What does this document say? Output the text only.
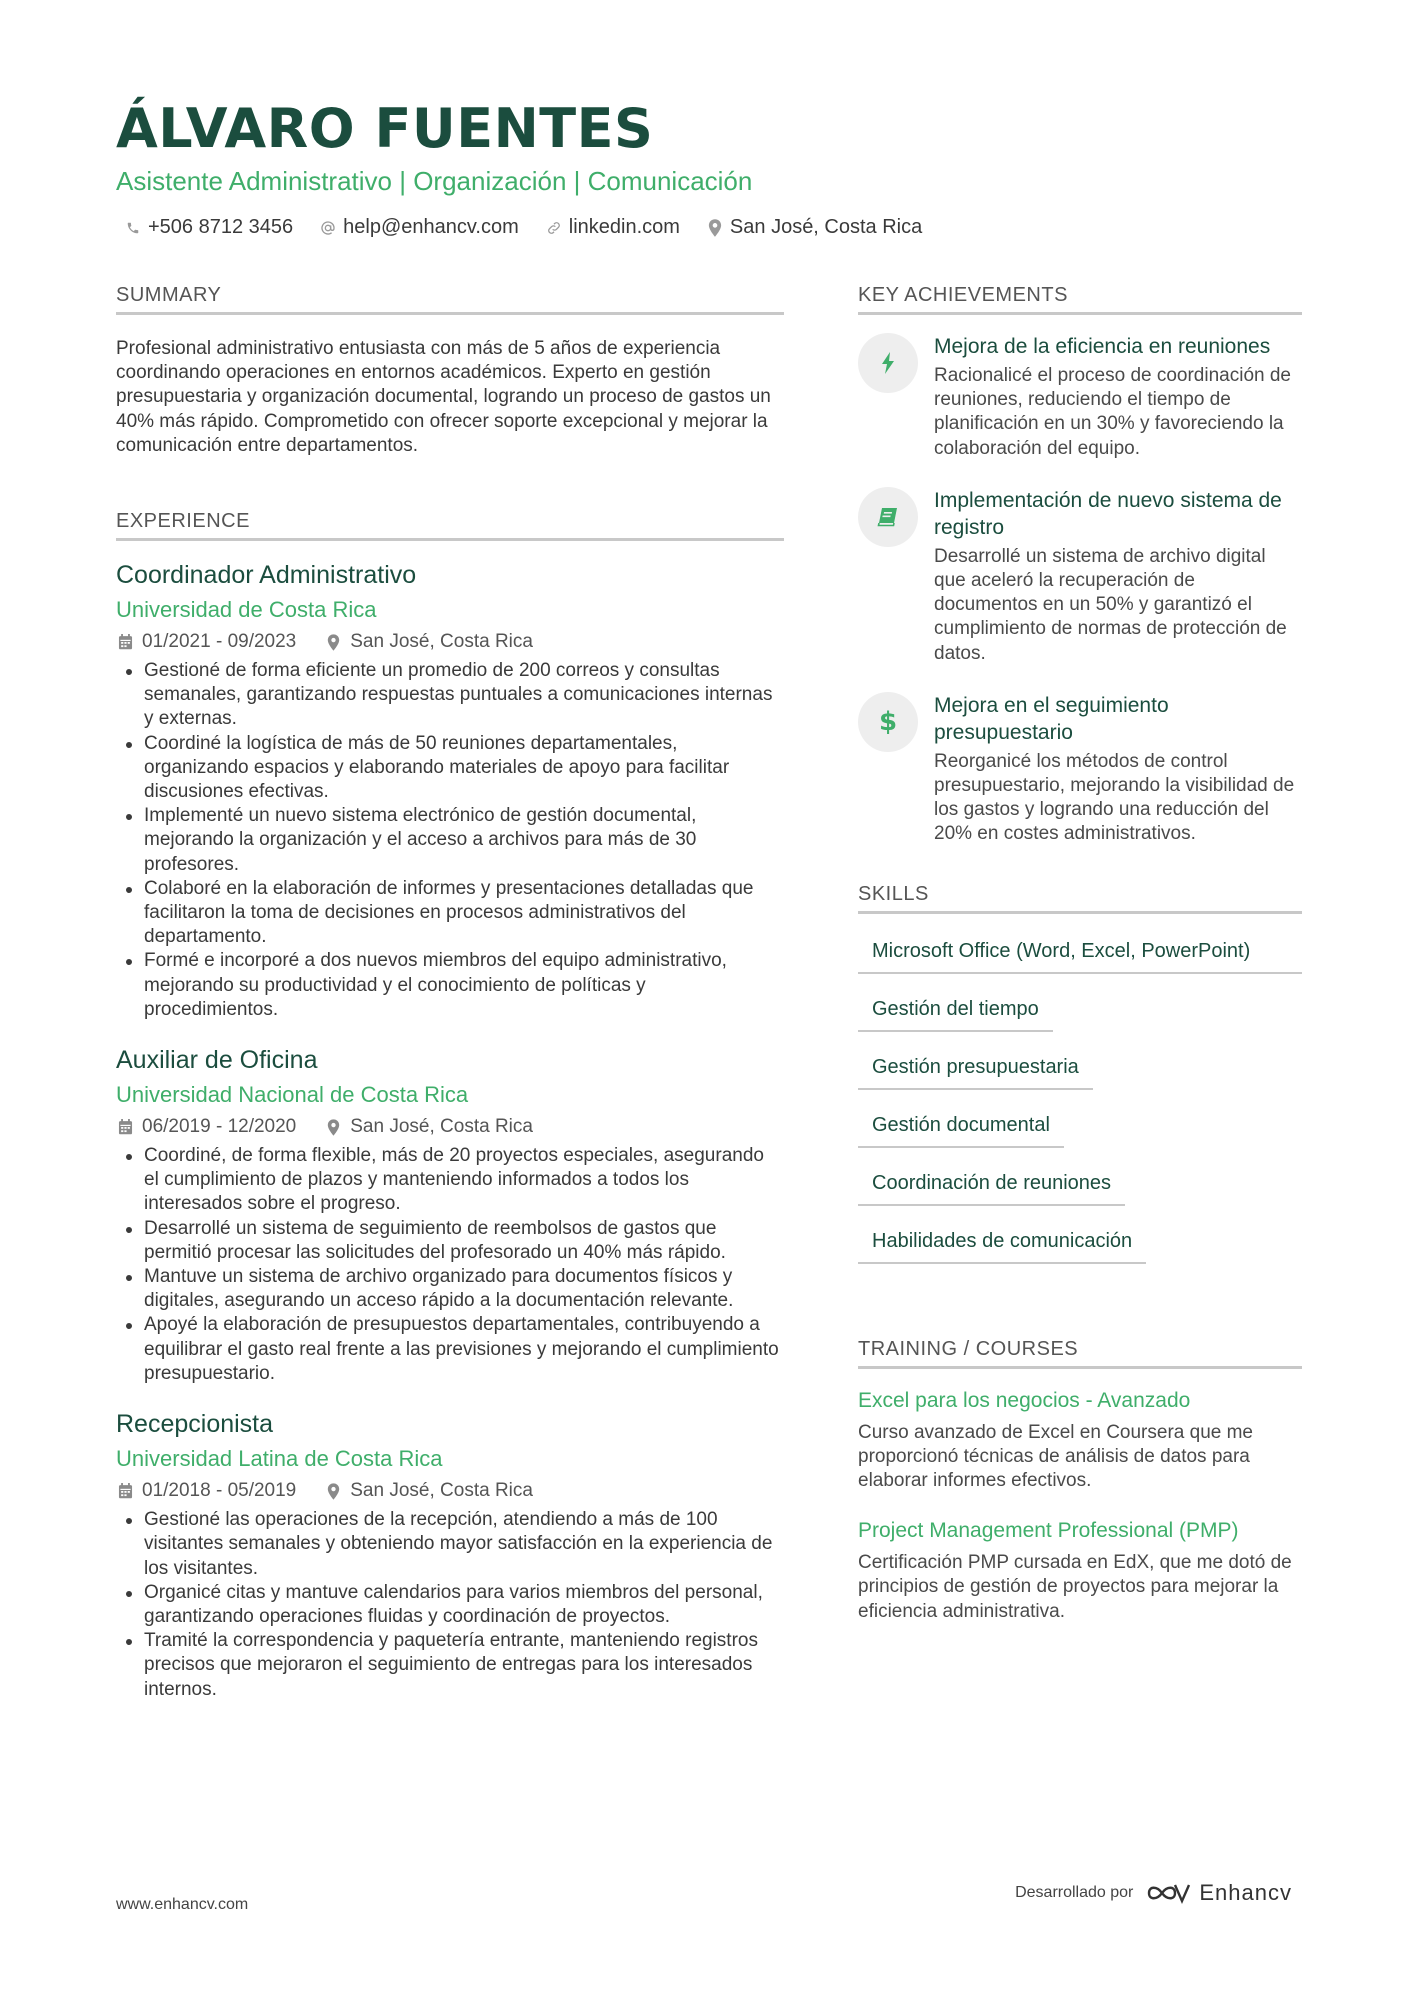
ÁLVARO FUENTES
Asistente Administrativo | Organización | Comunicación
+506 8712 3456	help@enhancv.com	linkedin.com	San José, Costa Rica
SUMMARY

Profesional administrativo entusiasta con más de 5 años de experiencia coordinando operaciones en entornos académicos. Experto en gestión presupuestaria y organización documental, logrando un proceso de gastos un 40% más rápido. Comprometido con ofrecer soporte excepcional y mejorar la comunicación entre departamentos.

EXPERIENCE
Coordinador Administrativo
Universidad de Costa Rica
01/2021 - 09/2023	San José, Costa Rica
Gestioné de forma eficiente un promedio de 200 correos y consultas semanales, garantizando respuestas puntuales a comunicaciones internas y externas.
Coordiné la logística de más de 50 reuniones departamentales, organizando espacios y elaborando materiales de apoyo para facilitar discusiones efectivas.
Implementé un nuevo sistema electrónico de gestión documental, mejorando la organización y el acceso a archivos para más de 30 profesores.
Colaboré en la elaboración de informes y presentaciones detalladas que facilitaron la toma de decisiones en procesos administrativos del departamento.
Formé e incorporé a dos nuevos miembros del equipo administrativo, mejorando su productividad y el conocimiento de políticas y procedimientos.
Auxiliar de Oficina
Universidad Nacional de Costa Rica
06/2019 - 12/2020	San José, Costa Rica
Coordiné, de forma flexible, más de 20 proyectos especiales, asegurando el cumplimiento de plazos y manteniendo informados a todos los interesados sobre el progreso.
Desarrollé un sistema de seguimiento de reembolsos de gastos que permitió procesar las solicitudes del profesorado un 40% más rápido.
Mantuve un sistema de archivo organizado para documentos físicos y digitales, asegurando un acceso rápido a la documentación relevante.
Apoyé la elaboración de presupuestos departamentales, contribuyendo a equilibrar el gasto real frente a las previsiones y mejorando el cumplimiento presupuestario.
Recepcionista
Universidad Latina de Costa Rica
01/2018 - 05/2019	San José, Costa Rica
Gestioné las operaciones de la recepción, atendiendo a más de 100 visitantes semanales y obteniendo mayor satisfacción en la experiencia de los visitantes.
Organicé citas y mantuve calendarios para varios miembros del personal, garantizando operaciones fluidas y coordinación de proyectos.
Tramité la correspondencia y paquetería entrante, manteniendo registros precisos que mejoraron el seguimiento de entregas para los interesados internos.
KEY ACHIEVEMENTS
Mejora de la eficiencia en reuniones
Racionalicé el proceso de coordinación de reuniones, reduciendo el tiempo de planificación en un 30% y favoreciendo la colaboración del equipo.
Implementación de nuevo sistema de registro
Desarrollé un sistema de archivo digital que aceleró la recuperación de documentos en un 50% y garantizó el cumplimiento de normas de protección de datos.
$
Mejora en el seguimiento presupuestario
Reorganicé los métodos de control presupuestario, mejorando la visibilidad de los gastos y logrando una reducción del 20% en costes administrativos.
SKILLS
Microsoft Office (Word, Excel, PowerPoint)
Gestión del tiempo
Gestión presupuestaria
Gestión documental
Coordinación de reuniones
Habilidades de comunicación
TRAINING / COURSES
Excel para los negocios - Avanzado
Curso avanzado de Excel en Coursera que me proporcionó técnicas de análisis de datos para elaborar informes efectivos.
Project Management Professional (PMP)
Certificación PMP cursada en EdX, que me dotó de principios de gestión de proyectos para mejorar la eficiencia administrativa.
www.enhancv.com
Desarrollado por	Enhancv
